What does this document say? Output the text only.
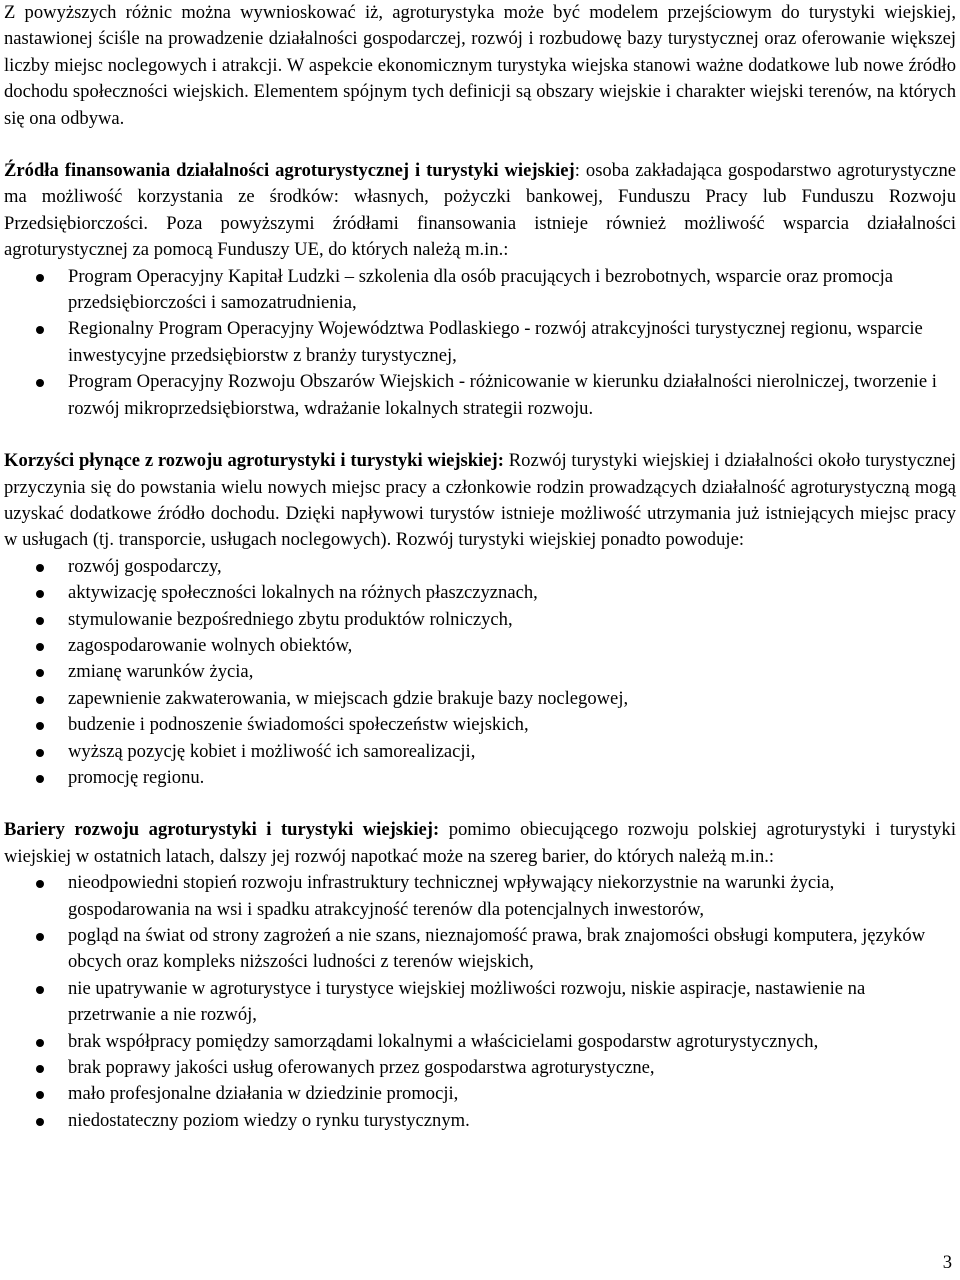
Z powyższych różnic można wywnioskować iż, agroturystyka może być modelem przejściowym do turystyki wiejskiej, nastawionej ściśle na prowadzenie działalności gospodarczej, rozwój i rozbudowę bazy turystycznej oraz oferowanie większej liczby miejsc noclegowych i atrakcji. W aspekcie ekonomicznym turystyka wiejska stanowi ważne dodatkowe lub nowe źródło dochodu społeczności wiejskich. Elementem spójnym tych definicji są obszary wiejskie i charakter wiejski terenów, na których się ona odbywa.

Źródła finansowania działalności agroturystycznej i turystyki wiejskiej: osoba zakładająca gospodarstwo agroturystyczne ma możliwość korzystania ze środków: własnych, pożyczki bankowej, Funduszu Pracy lub Funduszu Rozwoju Przedsiębiorczości. Poza powyższymi źródłami finansowania istnieje również możliwość wsparcia działalności agroturystycznej za pomocą Funduszy UE, do których należą m.in.:

Program Operacyjny Kapitał Ludzki – szkolenia dla osób pracujących i bezrobotnych, wsparcie oraz promocja przedsiębiorczości i samozatrudnienia,
Regionalny Program Operacyjny Województwa Podlaskiego - rozwój atrakcyjności turystycznej regionu, wsparcie inwestycyjne przedsiębiorstw z branży turystycznej,
Program Operacyjny Rozwoju Obszarów Wiejskich - różnicowanie w kierunku działalności nierolniczej, tworzenie i rozwój mikroprzedsiębiorstwa, wdrażanie lokalnych strategii rozwoju.

Korzyści płynące z rozwoju agroturystyki i turystyki wiejskiej: Rozwój turystyki wiejskiej i działalności około turystycznej przyczynia się do powstania wielu nowych miejsc pracy a członkowie rodzin prowadzących działalność agroturystyczną mogą uzyskać dodatkowe źródło dochodu. Dzięki napływowi turystów istnieje możliwość utrzymania już istniejących miejsc pracy w usługach (tj. transporcie, usługach noclegowych). Rozwój turystyki wiejskiej ponadto powoduje:

rozwój gospodarczy,
aktywizację społeczności lokalnych na różnych płaszczyznach,
stymulowanie bezpośredniego zbytu produktów rolniczych,
zagospodarowanie wolnych obiektów,
zmianę warunków życia,
zapewnienie zakwaterowania, w miejscach gdzie brakuje bazy noclegowej,
budzenie i podnoszenie świadomości społeczeństw wiejskich,
wyższą pozycję kobiet i możliwość ich samorealizacji,
promocję regionu.

Bariery rozwoju agroturystyki i turystyki wiejskiej: pomimo obiecującego rozwoju polskiej agroturystyki i turystyki wiejskiej w ostatnich latach, dalszy jej rozwój napotkać może na szereg barier, do których należą m.in.:

nieodpowiedni stopień rozwoju infrastruktury technicznej wpływający niekorzystnie na warunki życia, gospodarowania na wsi i spadku atrakcyjność terenów dla potencjalnych inwestorów,
pogląd na świat od strony zagrożeń a nie szans, nieznajomość prawa, brak znajomości obsługi komputera, języków obcych oraz kompleks niższości ludności z terenów wiejskich,
nie upatrywanie w agroturystyce i turystyce wiejskiej możliwości rozwoju, niskie aspiracje, nastawienie na przetrwanie a nie rozwój,
brak współpracy pomiędzy samorządami lokalnymi a właścicielami gospodarstw agroturystycznych,
brak poprawy jakości usług oferowanych przez gospodarstwa agroturystyczne,
mało profesjonalne działania w dziedzinie promocji,
niedostateczny poziom wiedzy o rynku turystycznym.
3
